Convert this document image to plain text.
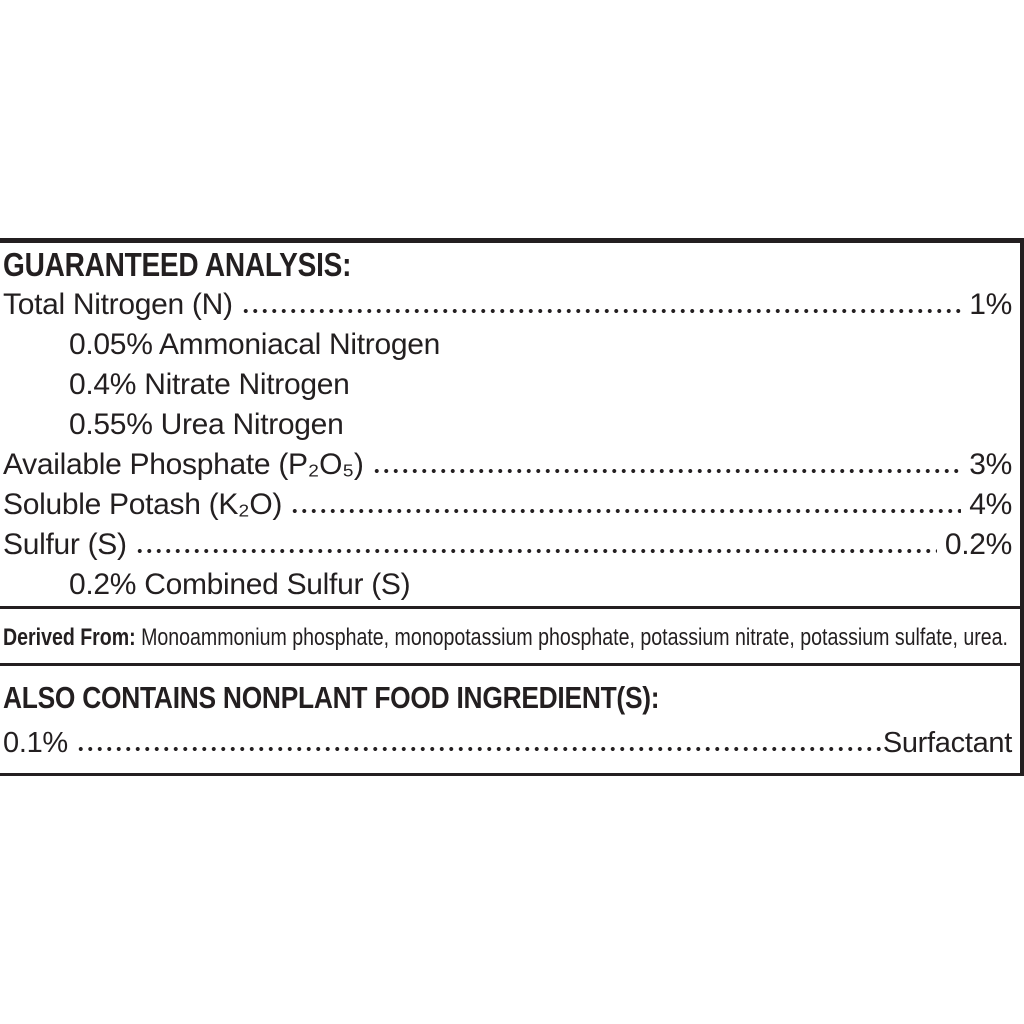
GUARANTEED ANALYSIS:
Total Nitrogen (N)	1%
0.05% Ammoniacal Nitrogen
0.4% Nitrate Nitrogen
0.55% Urea Nitrogen
Available Phosphate (P₂O₅)	3%
Soluble Potash (K₂O)	4%
Sulfur (S)	0.2%
0.2% Combined Sulfur (S)

Derived From: Monoammonium phosphate, monopotassium phosphate, potassium nitrate, potassium sulfate, urea.

ALSO CONTAINS NONPLANT FOOD INGREDIENT(S):
0.1%	Surfactant
